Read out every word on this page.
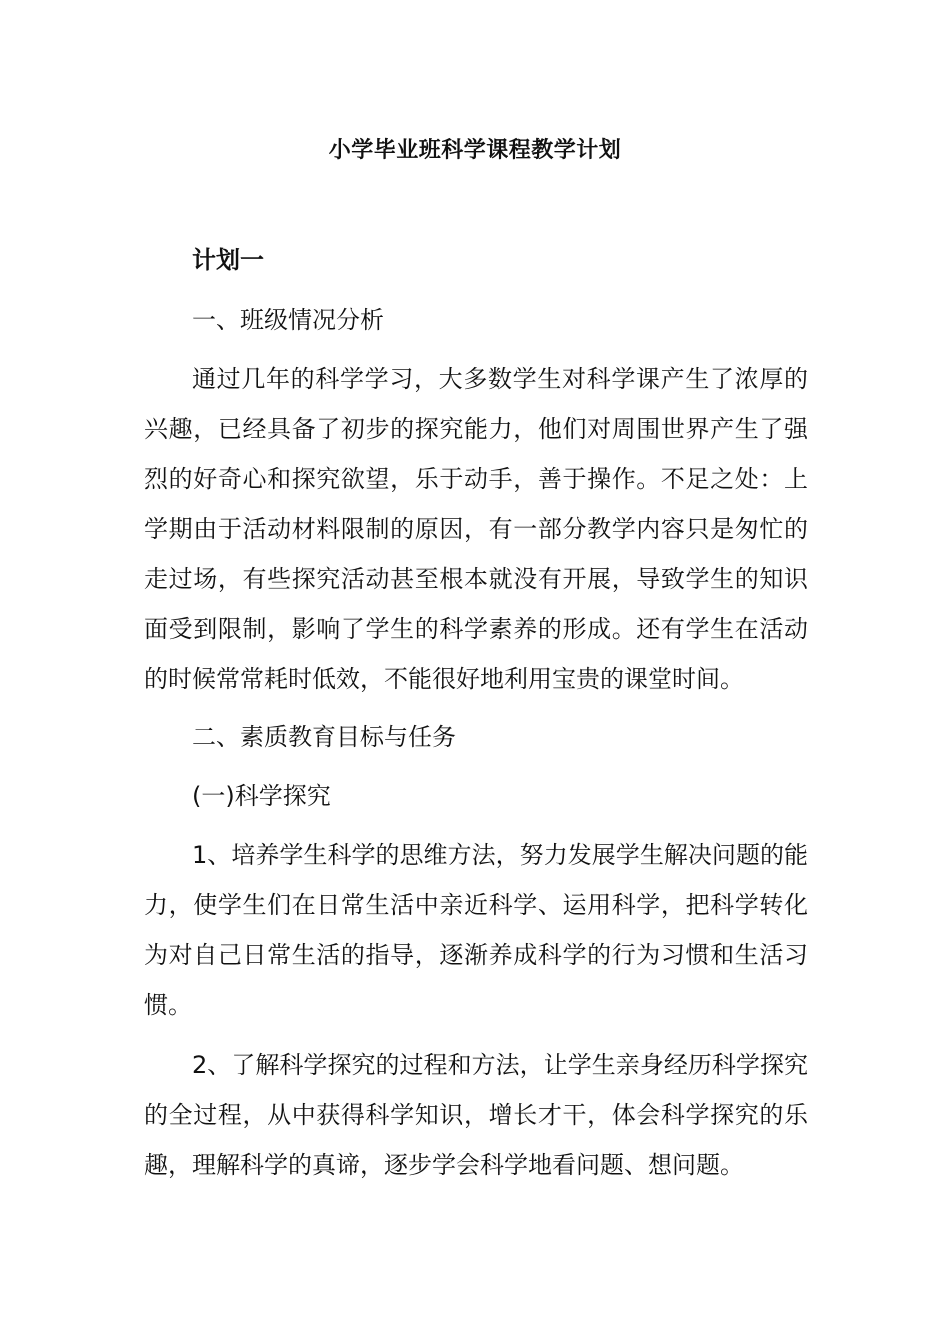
小学毕业班科学课程教学计划

计划一

一、班级情况分析

通过几年的科学学习，大多数学生对科学课产生了浓厚的兴趣，已经具备了初步的探究能力，他们对周围世界产生了强烈的好奇心和探究欲望，乐于动手，善于操作。不足之处：上学期由于活动材料限制的原因，有一部分教学内容只是匆忙的走过场，有些探究活动甚至根本就没有开展，导致学生的知识面受到限制，影响了学生的科学素养的形成。还有学生在活动的时候常常耗时低效，不能很好地利用宝贵的课堂时间。

二、素质教育目标与任务

(一)科学探究

1、培养学生科学的思维方法，努力发展学生解决问题的能力，使学生们在日常生活中亲近科学、运用科学，把科学转化为对自己日常生活的指导，逐渐养成科学的行为习惯和生活习惯。

2、了解科学探究的过程和方法，让学生亲身经历科学探究的全过程，从中获得科学知识，增长才干，体会科学探究的乐趣，理解科学的真谛，逐步学会科学地看问题、想问题。
